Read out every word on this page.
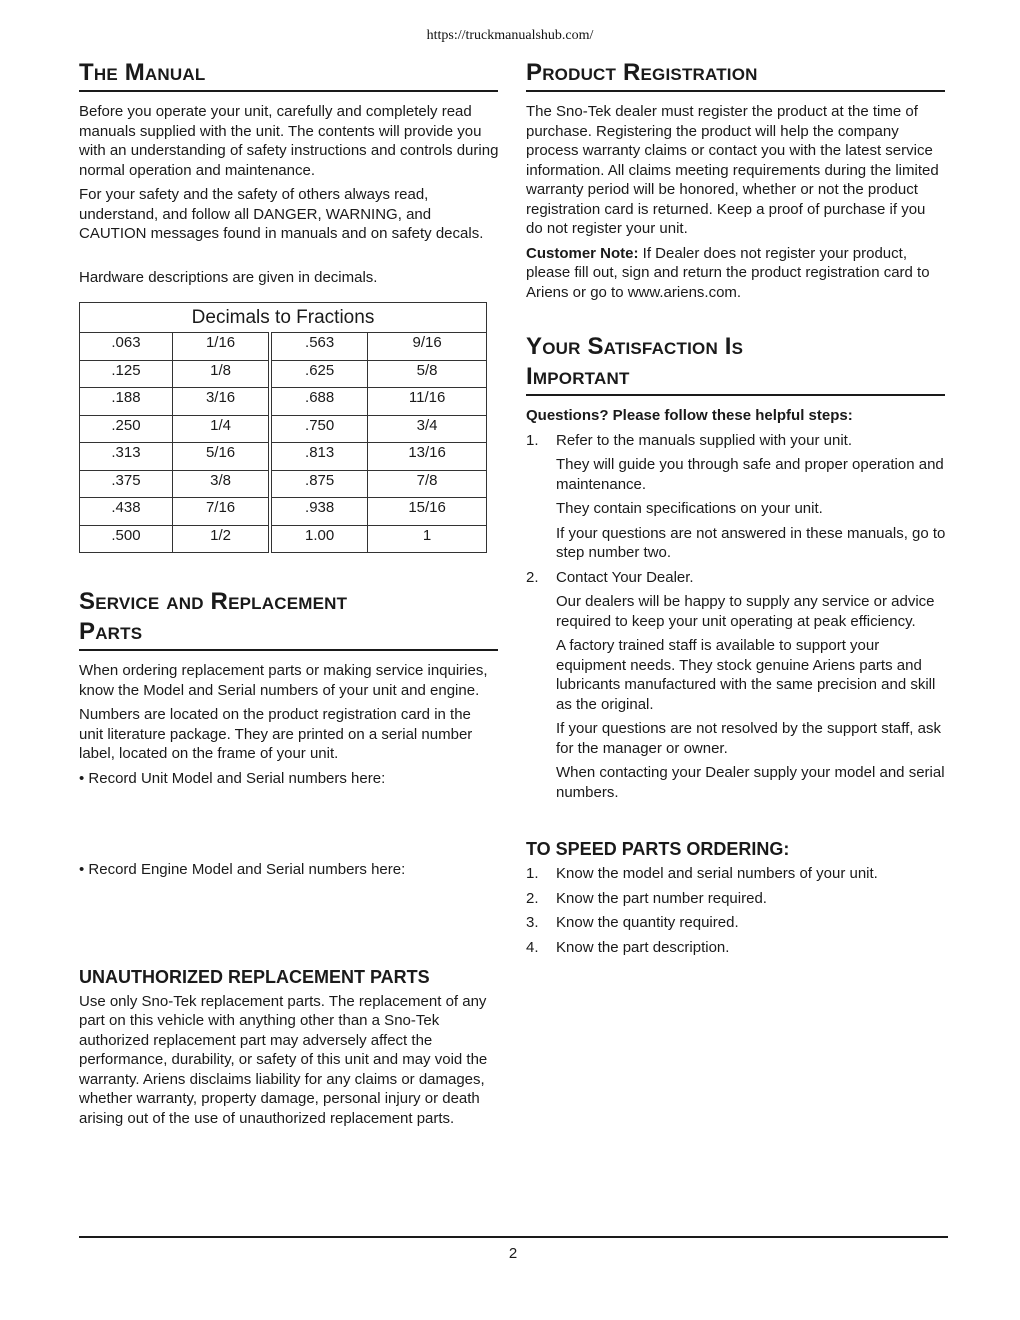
https://truckmanualshub.com/
The Manual

Before you operate your unit, carefully and completely read manuals supplied with the unit. The contents will provide you with an understanding of safety instructions and controls during normal operation and maintenance.

For your safety and the safety of others always read, understand, and follow all DANGER, WARNING, and CAUTION messages found in manuals and on safety decals.

Hardware descriptions are given in decimals.

Decimals to Fractions			
.063	1/16	.563	9/16
.125	1/8	.625	5/8
.188	3/16	.688	11/16
.250	1/4	.750	3/4
.313	5/16	.813	13/16
.375	3/8	.875	7/8
.438	7/16	.938	15/16
.500	1/2	1.00	1
Service and Replacement
Parts

When ordering replacement parts or making service inquiries, know the Model and Serial numbers of your unit and engine.

Numbers are located on the product registration card in the unit literature package. They are printed on a serial number label, located on the frame of your unit.

• Record Unit Model and Serial numbers here:

• Record Engine Model and Serial numbers here:

UNAUTHORIZED REPLACEMENT PARTS

Use only Sno-Tek replacement parts. The replacement of any part on this vehicle with anything other than a Sno-Tek authorized replacement part may adversely affect the performance, durability, or safety of this unit and may void the warranty. Ariens disclaims liability for any claims or damages, whether warranty, property damage, personal injury or death arising out of the use of unauthorized replacement parts.

Product Registration

The Sno-Tek dealer must register the product at the time of purchase. Registering the product will help the company process warranty claims or contact you with the latest service information. All claims meeting requirements during the limited warranty period will be honored, whether or not the product registration card is returned. Keep a proof of purchase if you do not register your unit.

Customer Note: If Dealer does not register your product, please fill out, sign and return the product registration card to Ariens or go to www.ariens.com.

Your Satisfaction Is
Important

Questions? Please follow these helpful steps:

1.	Refer to the manuals supplied with your unit.

They will guide you through safe and proper operation and maintenance.

They contain specifications on your unit.

If your questions are not answered in these manuals, go to step number two.

2.	Contact Your Dealer.

Our dealers will be happy to supply any service or advice required to keep your unit operating at peak efficiency.

A factory trained staff is available to support your equipment needs. They stock genuine Ariens parts and lubricants manufactured with the same precision and skill as the original.

If your questions are not resolved by the support staff, ask for the manager or owner.

When contacting your Dealer supply your model and serial numbers.

TO SPEED PARTS ORDERING:
1.	Know the model and serial numbers of your unit.
2.	Know the part number required.
3.	Know the quantity required.
4.	Know the part description.
2
